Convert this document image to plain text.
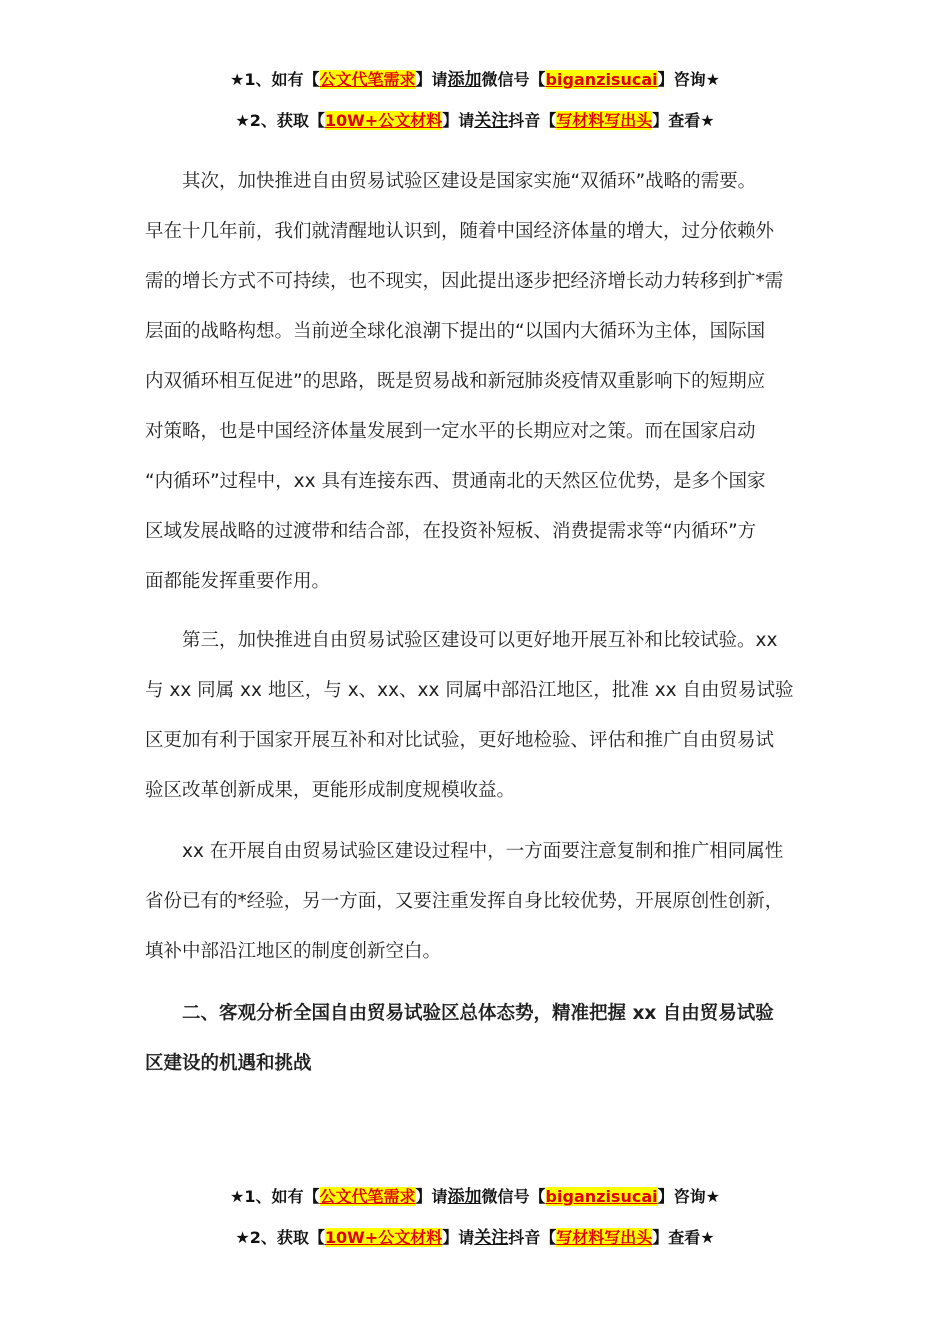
★1、如有【公文代笔需求】请添加微信号【biganzisucai】咨询★
★2、获取【10W+公文材料】请关注抖音【写材料写出头】查看★
其次，加快推进自由贸易试验区建设是国家实施“双循环”战略的需要。
早在十几年前，我们就清醒地认识到，随着中国经济体量的增大，过分依赖外
需的增长方式不可持续，也不现实，因此提出逐步把经济增长动力转移到扩*需
层面的战略构想。当前逆全球化浪潮下提出的“以国内大循环为主体，国际国
内双循环相互促进”的思路，既是贸易战和新冠肺炎疫情双重影响下的短期应
对策略，也是中国经济体量发展到一定水平的长期应对之策。而在国家启动
“内循环”过程中，xx 具有连接东西、贯通南北的天然区位优势，是多个国家
区域发展战略的过渡带和结合部，在投资补短板、消费提需求等“内循环”方
面都能发挥重要作用。
第三，加快推进自由贸易试验区建设可以更好地开展互补和比较试验。xx
与 xx 同属 xx 地区，与 x、xx、xx 同属中部沿江地区，批准 xx 自由贸易试验
区更加有利于国家开展互补和对比试验，更好地检验、评估和推广自由贸易试
验区改革创新成果，更能形成制度规模收益。
xx 在开展自由贸易试验区建设过程中，一方面要注意复制和推广相同属性
省份已有的*经验，另一方面，又要注重发挥自身比较优势，开展原创性创新，
填补中部沿江地区的制度创新空白。
二、客观分析全国自由贸易试验区总体态势，精准把握 xx 自由贸易试验
区建设的机遇和挑战
★1、如有【公文代笔需求】请添加微信号【biganzisucai】咨询★
★2、获取【10W+公文材料】请关注抖音【写材料写出头】查看★
